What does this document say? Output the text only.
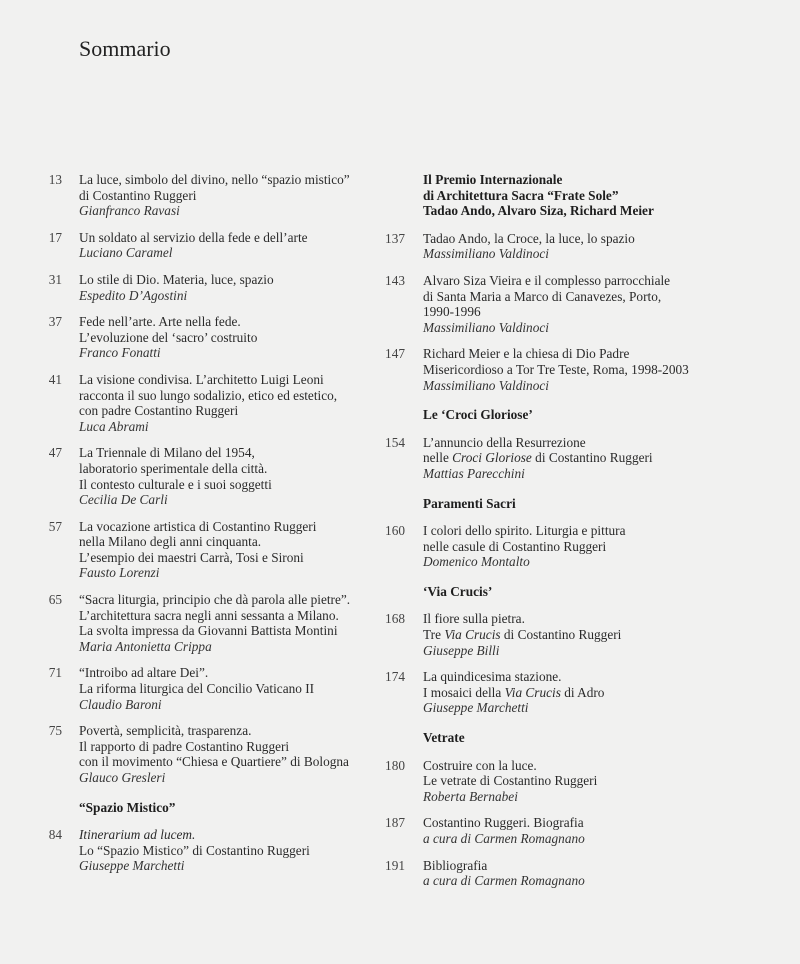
Sommario
13 La luce, simbolo del divino, nello “spazio mistico”
di Costantino Ruggeri
Gianfranco Ravasi
17 Un soldato al servizio della fede e dell’arte
Luciano Caramel
31 Lo stile di Dio. Materia, luce, spazio
Espedito D’Agostini
37 Fede nell’arte. Arte nella fede.
L’evoluzione del ‘sacro’ costruito
Franco Fonatti
41 La visione condivisa. L’architetto Luigi Leoni
racconta il suo lungo sodalizio, etico ed estetico,
con padre Costantino Ruggeri
Luca Abrami
47 La Triennale di Milano del 1954,
laboratorio sperimentale della città.
Il contesto culturale e i suoi soggetti
Cecilia De Carli
57 La vocazione artistica di Costantino Ruggeri
nella Milano degli anni cinquanta.
L’esempio dei maestri Carrà, Tosi e Sironi
Fausto Lorenzi
65 “Sacra liturgia, principio che dà parola alle pietre”.
L’architettura sacra negli anni sessanta a Milano.
La svolta impressa da Giovanni Battista Montini
Maria Antonietta Crippa
71 “Introibo ad altare Dei”.
La riforma liturgica del Concilio Vaticano II
Claudio Baroni
75 Povertà, semplicità, trasparenza.
Il rapporto di padre Costantino Ruggeri
con il movimento “Chiesa e Quartiere” di Bologna
Glauco Gresleri
“Spazio Mistico”
84 Itinerarium ad lucem.
Lo “Spazio Mistico” di Costantino Ruggeri
Giuseppe Marchetti
Il Premio Internazionale
di Architettura Sacra “Frate Sole”
Tadao Ando, Alvaro Siza, Richard Meier
137 Tadao Ando, la Croce, la luce, lo spazio
Massimiliano Valdinoci
143 Alvaro Siza Vieira e il complesso parrocchiale
di Santa Maria a Marco di Canavezes, Porto,
1990-1996
Massimiliano Valdinoci
147 Richard Meier e la chiesa di Dio Padre
Misericordioso a Tor Tre Teste, Roma, 1998-2003
Massimiliano Valdinoci
Le ‘Croci Gloriose’
154 L’annuncio della Resurrezione
nelle Croci Gloriose di Costantino Ruggeri
Mattias Parecchini
Paramenti Sacri
160 I colori dello spirito. Liturgia e pittura
nelle casule di Costantino Ruggeri
Domenico Montalto
‘Via Crucis’
168 Il fiore sulla pietra.
Tre Via Crucis di Costantino Ruggeri
Giuseppe Billi
174 La quindicesima stazione.
I mosaici della Via Crucis di Adro
Giuseppe Marchetti
Vetrate
180 Costruire con la luce.
Le vetrate di Costantino Ruggeri
Roberta Bernabei
187 Costantino Ruggeri. Biografia
a cura di Carmen Romagnano
191 Bibliografia
a cura di Carmen Romagnano
